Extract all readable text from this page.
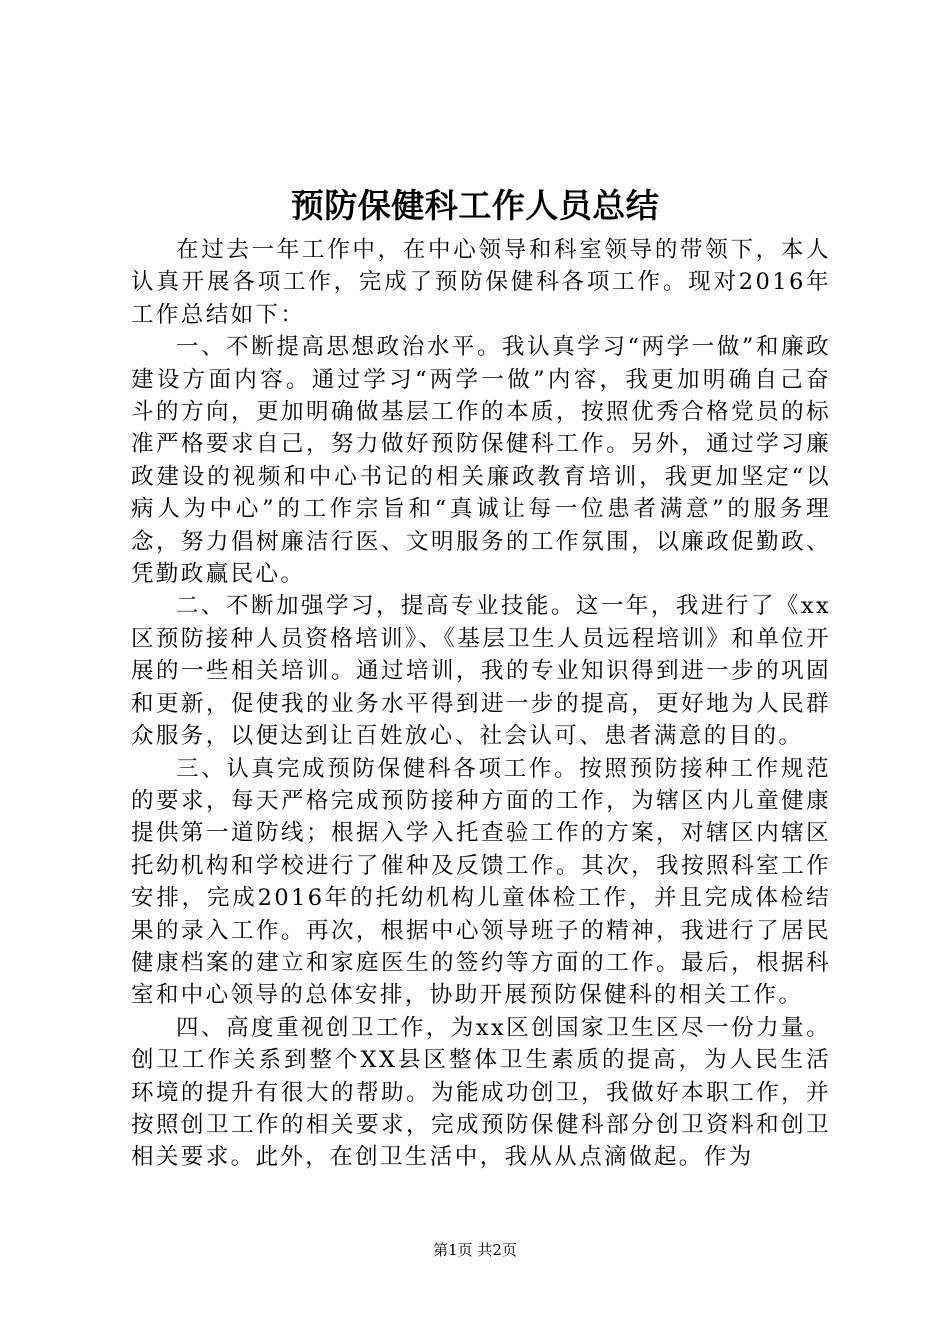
预防保健科工作人员总结

在过去一年工作中，在中心领导和科室领导的带领下，本人认真开展各项工作，完成了预防保健科各项工作。现对2016年工作总结如下：

一、不断提高思想政治水平。我认真学习“两学一做”和廉政建设方面内容。通过学习“两学一做”内容，我更加明确自己奋斗的方向，更加明确做基层工作的本质，按照优秀合格党员的标准严格要求自己，努力做好预防保健科工作。另外，通过学习廉政建设的视频和中心书记的相关廉政教育培训，我更加坚定“以病人为中心”的工作宗旨和“真诚让每一位患者满意”的服务理念，努力倡树廉洁行医、文明服务的工作氛围，以廉政促勤政、凭勤政赢民心。

二、不断加强学习，提高专业技能。这一年，我进行了《xx区预防接种人员资格培训》、《基层卫生人员远程培训》和单位开展的一些相关培训。通过培训，我的专业知识得到进一步的巩固和更新，促使我的业务水平得到进一步的提高，更好地为人民群众服务，以便达到让百姓放心、社会认可、患者满意的目的。

三、认真完成预防保健科各项工作。按照预防接种工作规范的要求，每天严格完成预防接种方面的工作，为辖区内儿童健康提供第一道防线；根据入学入托查验工作的方案，对辖区内辖区托幼机构和学校进行了催种及反馈工作。其次，我按照科室工作安排，完成2016年的托幼机构儿童体检工作，并且完成体检结果的录入工作。再次，根据中心领导班子的精神，我进行了居民健康档案的建立和家庭医生的签约等方面的工作。最后，根据科室和中心领导的总体安排，协助开展预防保健科的相关工作。

四、高度重视创卫工作，为xx区创国家卫生区尽一份力量。创卫工作关系到整个XX县区整体卫生素质的提高，为人民生活环境的提升有很大的帮助。为能成功创卫，我做好本职工作，并按照创卫工作的相关要求，完成预防保健科部分创卫资料和创卫相关要求。此外，在创卫生活中，我从从点滴做起。作为

第1页 共2页
